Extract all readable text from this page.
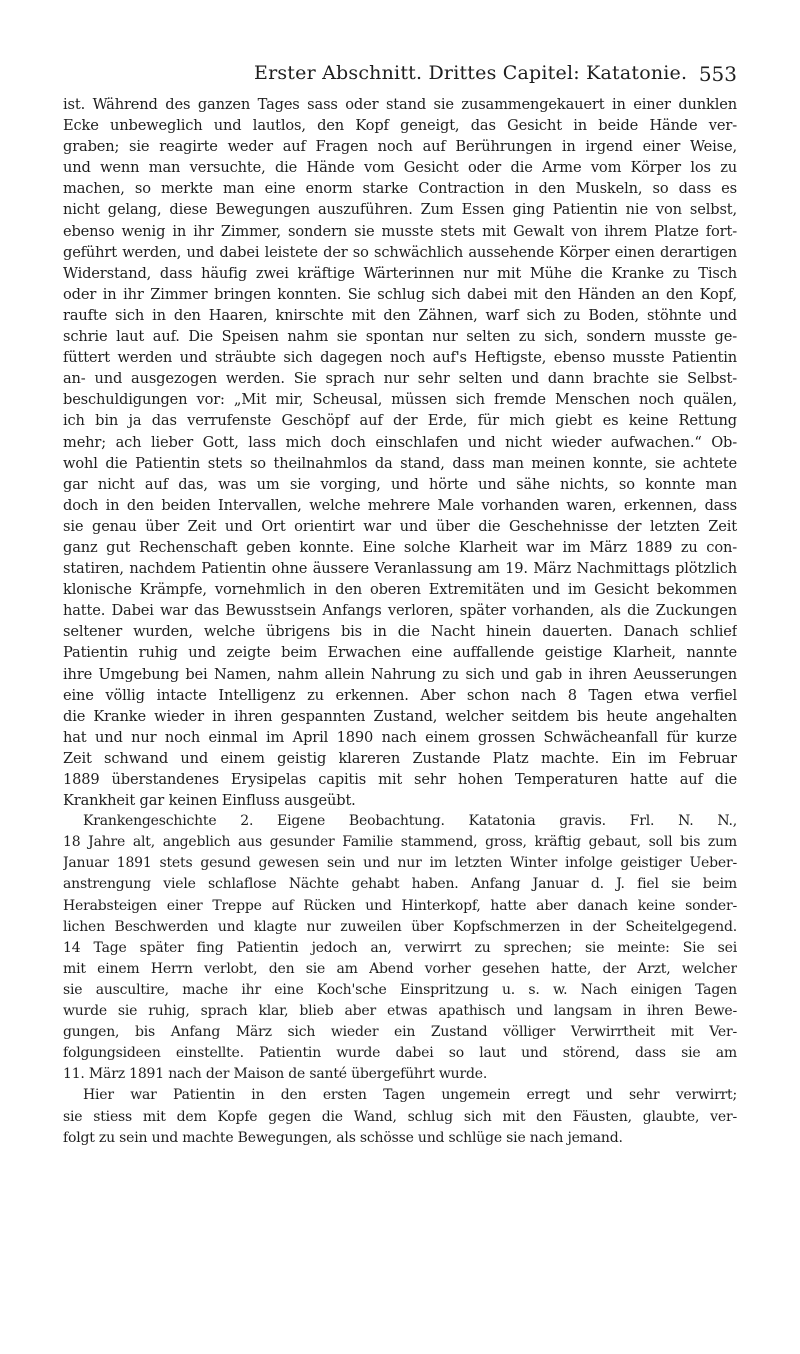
Erster Abschnitt. Drittes Capitel: Katatonie. 553
ist. Während des ganzen Tages sass oder stand sie zusammengekauert in einer dunklen
Ecke unbeweglich und lautlos, den Kopf geneigt, das Gesicht in beide Hände ver-
graben; sie reagirte weder auf Fragen noch auf Berührungen in irgend einer Weise,
und wenn man versuchte, die Hände vom Gesicht oder die Arme vom Körper los zu
machen, so merkte man eine enorm starke Contraction in den Muskeln, so dass es
nicht gelang, diese Bewegungen auszuführen. Zum Essen ging Patientin nie von selbst,
ebenso wenig in ihr Zimmer, sondern sie musste stets mit Gewalt von ihrem Platze fort-
geführt werden, und dabei leistete der so schwächlich aussehende Körper einen derartigen
Widerstand, dass häufig zwei kräftige Wärterinnen nur mit Mühe die Kranke zu Tisch
oder in ihr Zimmer bringen konnten. Sie schlug sich dabei mit den Händen an den Kopf,
raufte sich in den Haaren, knirschte mit den Zähnen, warf sich zu Boden, stöhnte und
schrie laut auf. Die Speisen nahm sie spontan nur selten zu sich, sondern musste ge-
füttert werden und sträubte sich dagegen noch auf's Heftigste, ebenso musste Patientin
an- und ausgezogen werden. Sie sprach nur sehr selten und dann brachte sie Selbst-
beschuldigungen vor: „Mit mir, Scheusal, müssen sich fremde Menschen noch quälen,
ich bin ja das verrufenste Geschöpf auf der Erde, für mich giebt es keine Rettung
mehr; ach lieber Gott, lass mich doch einschlafen und nicht wieder aufwachen.“ Ob-
wohl die Patientin stets so theilnahmlos da stand, dass man meinen konnte, sie achtete
gar nicht auf das, was um sie vorging, und hörte und sähe nichts, so konnte man
doch in den beiden Intervallen, welche mehrere Male vorhanden waren, erkennen, dass
sie genau über Zeit und Ort orientirt war und über die Geschehnisse der letzten Zeit
ganz gut Rechenschaft geben konnte. Eine solche Klarheit war im März 1889 zu con-
statiren, nachdem Patientin ohne äussere Veranlassung am 19. März Nachmittags plötzlich
klonische Krämpfe, vornehmlich in den oberen Extremitäten und im Gesicht bekommen
hatte. Dabei war das Bewusstsein Anfangs verloren, später vorhanden, als die Zuckungen
seltener wurden, welche übrigens bis in die Nacht hinein dauerten. Danach schlief
Patientin ruhig und zeigte beim Erwachen eine auffallende geistige Klarheit, nannte
ihre Umgebung bei Namen, nahm allein Nahrung zu sich und gab in ihren Aeusserungen
eine völlig intacte Intelligenz zu erkennen. Aber schon nach 8 Tagen etwa verfiel
die Kranke wieder in ihren gespannten Zustand, welcher seitdem bis heute angehalten
hat und nur noch einmal im April 1890 nach einem grossen Schwächeanfall für kurze
Zeit schwand und einem geistig klareren Zustande Platz machte. Ein im Februar
1889 überstandenes Erysipelas capitis mit sehr hohen Temperaturen hatte auf die
Krankheit gar keinen Einfluss ausgeübt.
Krankengeschichte 2. Eigene Beobachtung. Katatonia gravis. Frl. N. N.,
18 Jahre alt, angeblich aus gesunder Familie stammend, gross, kräftig gebaut, soll bis zum
Januar 1891 stets gesund gewesen sein und nur im letzten Winter infolge geistiger Ueber-
anstrengung viele schlaflose Nächte gehabt haben. Anfang Januar d. J. fiel sie beim
Herabsteigen einer Treppe auf Rücken und Hinterkopf, hatte aber danach keine sonder-
lichen Beschwerden und klagte nur zuweilen über Kopfschmerzen in der Scheitelgegend.
14 Tage später fing Patientin jedoch an, verwirrt zu sprechen; sie meinte: Sie sei
mit einem Herrn verlobt, den sie am Abend vorher gesehen hatte, der Arzt, welcher
sie auscultire, mache ihr eine Koch'sche Einspritzung u. s. w. Nach einigen Tagen
wurde sie ruhig, sprach klar, blieb aber etwas apathisch und langsam in ihren Bewe-
gungen, bis Anfang März sich wieder ein Zustand völliger Verwirrtheit mit Ver-
folgungsideen einstellte. Patientin wurde dabei so laut und störend, dass sie am
11. März 1891 nach der Maison de santé übergeführt wurde.
Hier war Patientin in den ersten Tagen ungemein erregt und sehr verwirrt;
sie stiess mit dem Kopfe gegen die Wand, schlug sich mit den Fäusten, glaubte, ver-
folgt zu sein und machte Bewegungen, als schösse und schlüge sie nach jemand.
